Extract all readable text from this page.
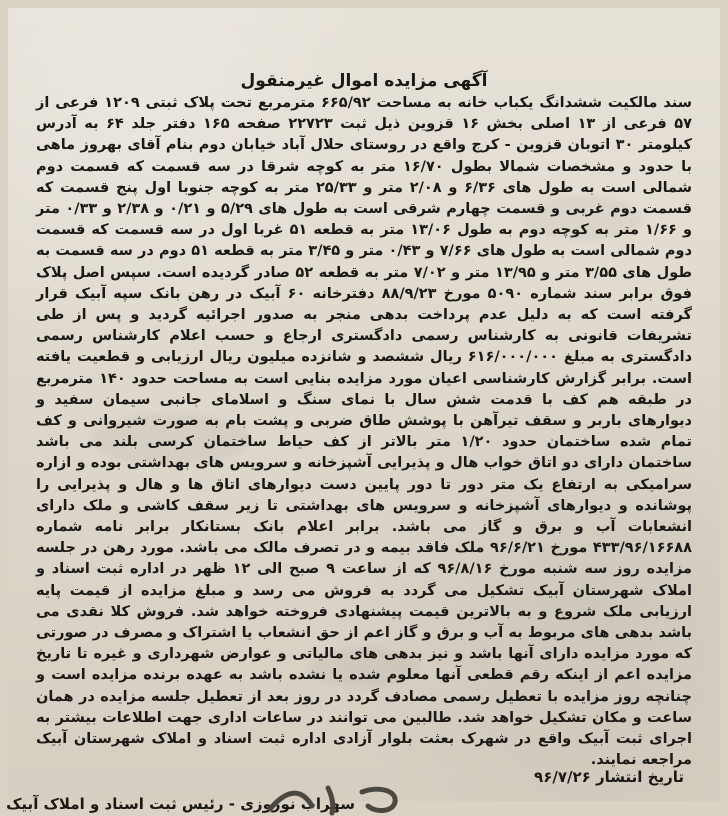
آگهی مزایده اموال غیرمنقول

سند مالکیت ششدانگ یکباب خانه به مساحت ۶۶۵/۹۲ مترمربع تحت پلاک ثبتی ۱۲۰۹ فرعی از ۵۷ فرعی از ۱۳ اصلی بخش ۱۶ قزوین ذیل ثبت ۲۲۷۲۳ صفحه ۱۶۵ دفتر جلد ۶۴ به آدرس کیلومتر ۳۰ اتوبان قزوین - کرج واقع در روستای حلال آباد خیابان دوم بنام آقای بهروز ماهی با حدود و مشخصات شمالا بطول ۱۶/۷۰ متر به کوچه شرقا در سه قسمت که قسمت دوم شمالی است به طول های ۶/۳۶ و ۲/۰۸ متر و ۲۵/۳۳ متر به کوچه جنوبا اول پنج قسمت که قسمت دوم غربی و قسمت چهارم شرقی است به طول های ۵/۲۹ و ۰/۲۱ و ۲/۳۸ و ۰/۳۳ متر و ۱/۶۶ متر به کوچه دوم به طول ۱۳/۰۶ متر به قطعه ۵۱ غربا اول در سه قسمت که قسمت دوم شمالی است به طول های ۷/۶۶ و ۰/۴۳ متر و ۳/۴۵ متر به قطعه ۵۱ دوم در سه قسمت به طول های ۳/۵۵ متر و ۱۳/۹۵ متر و ۷/۰۲ متر به قطعه ۵۲ صادر گردیده است. سپس اصل پلاک فوق برابر سند شماره ۵۰۹۰ مورخ ۸۸/۹/۲۳ دفترخانه ۶۰ آبیک در رهن بانک سپه آبیک قرار گرفته است که به دلیل عدم پرداخت بدهی منجر به صدور اجرائیه گردید و پس از طی تشریفات قانونی به کارشناس رسمی دادگستری ارجاع و حسب اعلام کارشناس رسمی دادگستری به مبلغ ۶۱۶/۰۰۰/۰۰۰ ریال ششصد و شانزده میلیون ریال ارزیابی و قطعیت یافته است. برابر گزارش کارشناسی اعیان مورد مزایده بنایی است به مساحت حدود ۱۴۰ مترمربع در طبقه هم کف با قدمت شش سال با نمای سنگ و اسلامای جانبی سیمان سفید و دیوارهای باربر و سقف تیرآهن با پوشش طاق ضربی و پشت بام به صورت شیروانی و کف تمام شده ساختمان حدود ۱/۲۰ متر بالاتر از کف حیاط ساختمان کرسی بلند می باشد ساختمان دارای دو اتاق خواب هال و پذیرایی آشپزخانه و سرویس های بهداشتی بوده و ازاره سرامیکی به ارتفاع یک متر دور تا دور پایین دست دیوارهای اتاق ها و هال و پذیرایی را پوشانده و دیوارهای آشپزخانه و سرویس های بهداشتی تا زیر سقف کاشی و ملک دارای انشعابات آب و برق و گاز می باشد. برابر اعلام بانک بستانکار برابر نامه شماره ۴۳۳/۹۶/۱۶۶۸۸ مورخ ۹۶/۶/۲۱ ملک فاقد بیمه و در تصرف مالک می باشد. مورد رهن در جلسه مزایده روز سه شنبه مورخ ۹۶/۸/۱۶ که از ساعت ۹ صبح الی ۱۲ ظهر در اداره ثبت اسناد و املاک شهرستان آبیک تشکیل می گردد به فروش می رسد و مبلغ مزایده از قیمت پایه ارزیابی ملک شروع و به بالاترین قیمت پیشنهادی فروخته خواهد شد. فروش کلا نقدی می باشد بدهی های مربوط به آب و برق و گاز اعم از حق انشعاب یا اشتراک و مصرف در صورتی که مورد مزایده دارای آنها باشد و نیز بدهی های مالیاتی و عوارض شهرداری و غیره تا تاریخ مزایده اعم از اینکه رقم قطعی آنها معلوم شده یا نشده باشد به عهده برنده مزایده است و چنانچه روز مزایده با تعطیل رسمی مصادف گردد در روز بعد از تعطیل جلسه مزایده در همان ساعت و مکان تشکیل خواهد شد. طالبین می توانند در ساعات اداری جهت اطلاعات بیشتر به اجرای ثبت آبیک واقع در شهرک بعثت بلوار آزادی اداره ثبت اسناد و املاک شهرستان آبیک مراجعه نمایند.

تاریخ انتشار ۹۶/۷/۲۶
سهراب نوروزی - رئیس ثبت اسناد و املاک آبیک
